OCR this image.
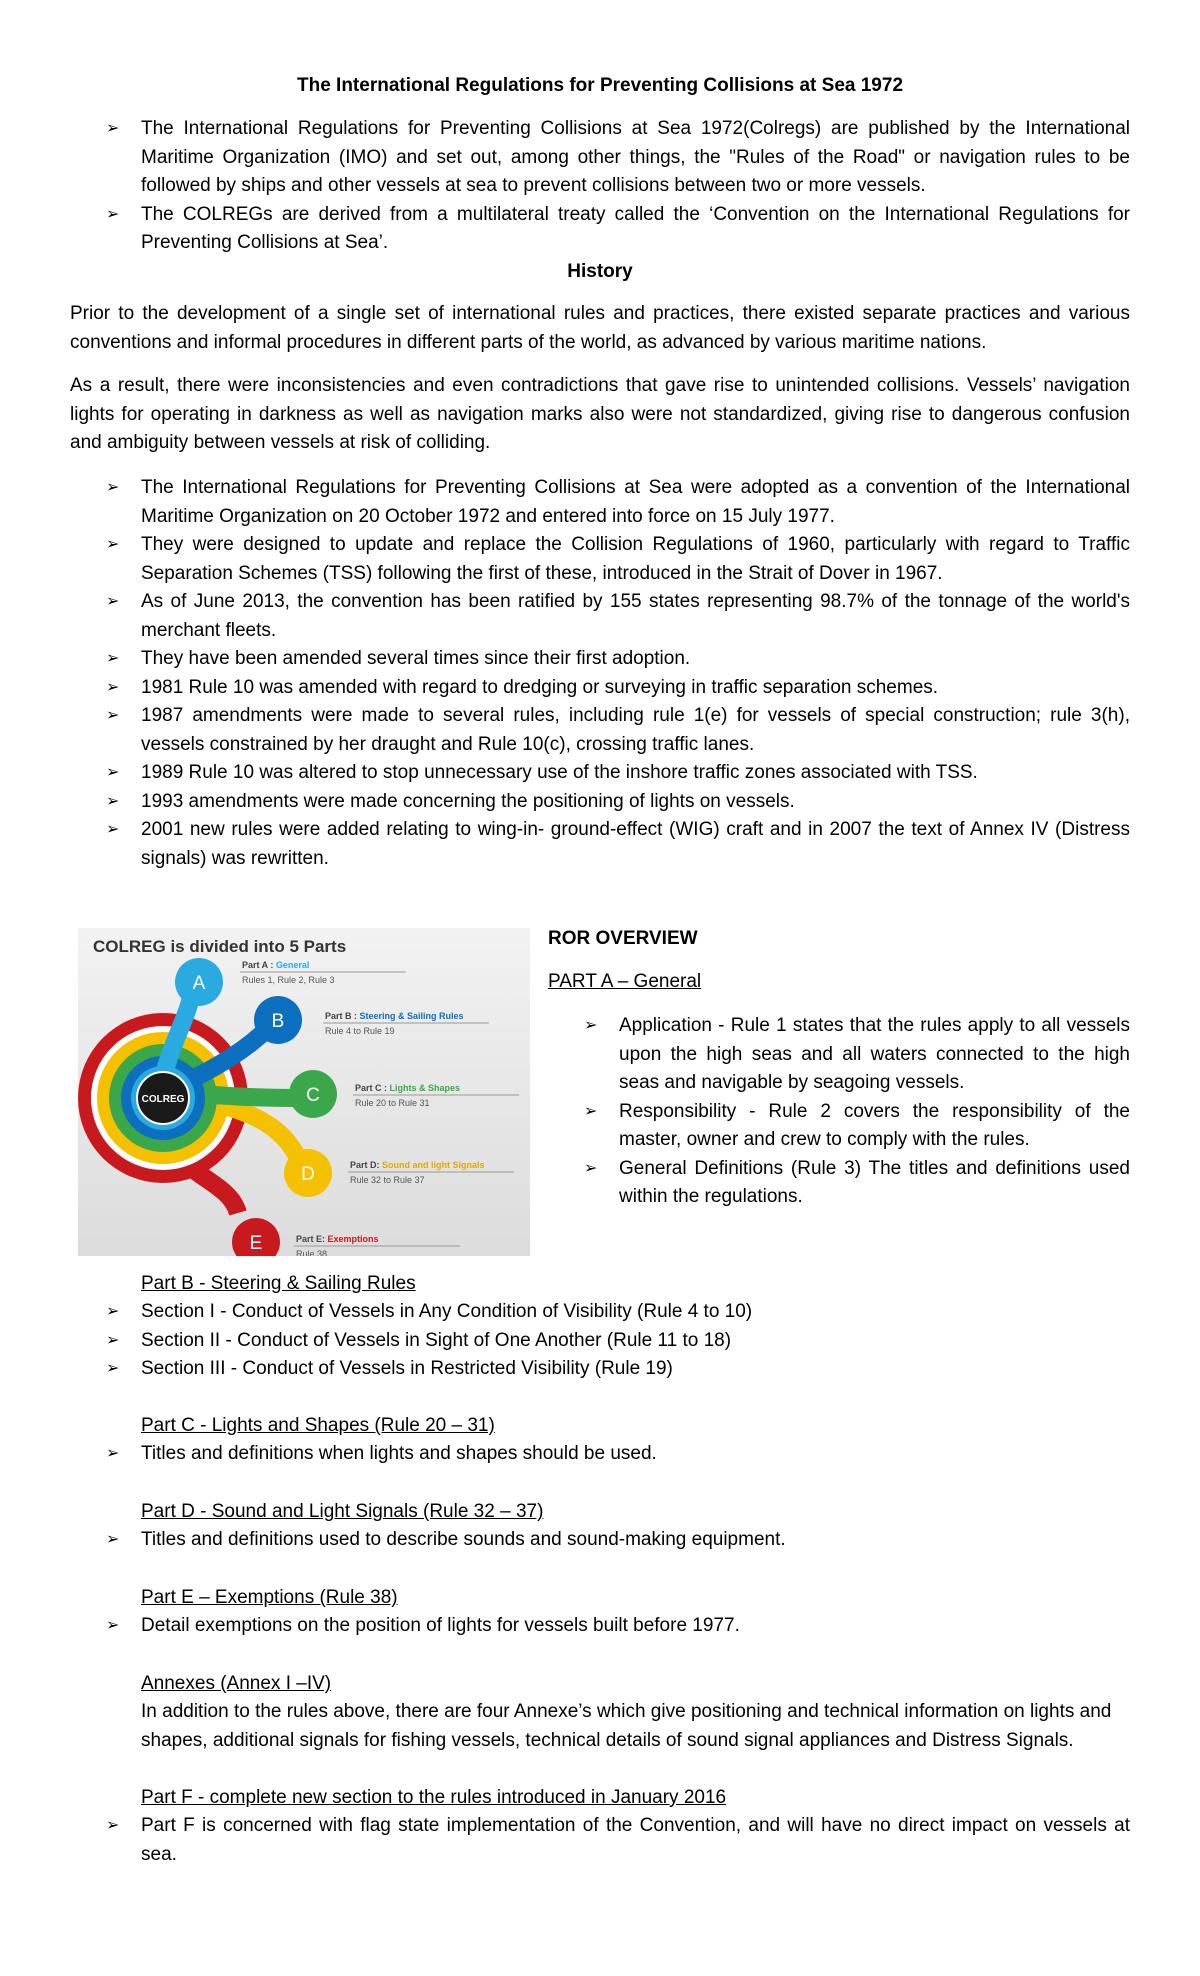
The International Regulations for Preventing Collisions at Sea 1972
➢ The International Regulations for Preventing Collisions at Sea 1972(Colregs) are published by the International Maritime Organization (IMO) and set out, among other things, the "Rules of the Road" or navigation rules to be followed by ships and other vessels at sea to prevent collisions between two or more vessels.
➢ The COLREGs are derived from a multilateral treaty called the ‘Convention on the International Regulations for Preventing Collisions at Sea’.
History

Prior to the development of a single set of international rules and practices, there existed separate practices and various conventions and informal procedures in different parts of the world, as advanced by various maritime nations.

As a result, there were inconsistencies and even contradictions that gave rise to unintended collisions. Vessels’ navigation lights for operating in darkness as well as navigation marks also were not standardized, giving rise to dangerous confusion and ambiguity between vessels at risk of colliding.

➢ The International Regulations for Preventing Collisions at Sea were adopted as a convention of the International Maritime Organization on 20 October 1972 and entered into force on 15 July 1977.
➢ They were designed to update and replace the Collision Regulations of 1960, particularly with regard to Traffic Separation Schemes (TSS) following the first of these, introduced in the Strait of Dover in 1967.
➢ As of June 2013, the convention has been ratified by 155 states representing 98.7% of the tonnage of the world's merchant fleets.
➢ They have been amended several times since their first adoption.
➢ 1981 Rule 10 was amended with regard to dredging or surveying in traffic separation schemes.
➢ 1987 amendments were made to several rules, including rule 1(e) for vessels of special construction; rule 3(h), vessels constrained by her draught and Rule 10(c), crossing traffic lanes.
➢ 1989 Rule 10 was altered to stop unnecessary use of the inshore traffic zones associated with TSS.
➢ 1993 amendments were made concerning the positioning of lights on vessels.
➢ 2001 new rules were added relating to wing-in- ground-effect (WIG) craft and in 2007 the text of Annex IV (Distress signals) was rewritten.
COLREG is divided into 5 Parts
COLREG
A
B
C
D
E
Part A : General
Rules 1, Rule 2, Rule 3
Part B : Steering & Sailing Rules
Rule 4 to Rule 19
Part C : Lights & Shapes
Rule 20 to Rule 31
Part D: Sound and light Signals
Rule 32 to Rule 37
Part E: Exemptions
Rule 38
ROR OVERVIEW
PART A – General
➢ Application - Rule 1 states that the rules apply to all vessels upon the high seas and all waters connected to the high seas and navigable by seagoing vessels.
➢ Responsibility - Rule 2 covers the responsibility of the master, owner and crew to comply with the rules.
➢ General Definitions (Rule 3) The titles and definitions used within the regulations.
Part B - Steering & Sailing Rules
➢ Section I - Conduct of Vessels in Any Condition of Visibility (Rule 4 to 10)
➢ Section II - Conduct of Vessels in Sight of One Another (Rule 11 to 18)
➢ Section III - Conduct of Vessels in Restricted Visibility (Rule 19)
Part C - Lights and Shapes (Rule 20 – 31)
➢ Titles and definitions when lights and shapes should be used.
Part D - Sound and Light Signals (Rule 32 – 37)
➢ Titles and definitions used to describe sounds and sound-making equipment.
Part E – Exemptions (Rule 38)
➢ Detail exemptions on the position of lights for vessels built before 1977.
Annexes (Annex I –IV)
In addition to the rules above, there are four Annexe’s which give positioning and technical information on lights and shapes, additional signals for fishing vessels, technical details of sound signal appliances and Distress Signals.
Part F - complete new section to the rules introduced in January 2016
➢ Part F is concerned with flag state implementation of the Convention, and will have no direct impact on vessels at sea.
